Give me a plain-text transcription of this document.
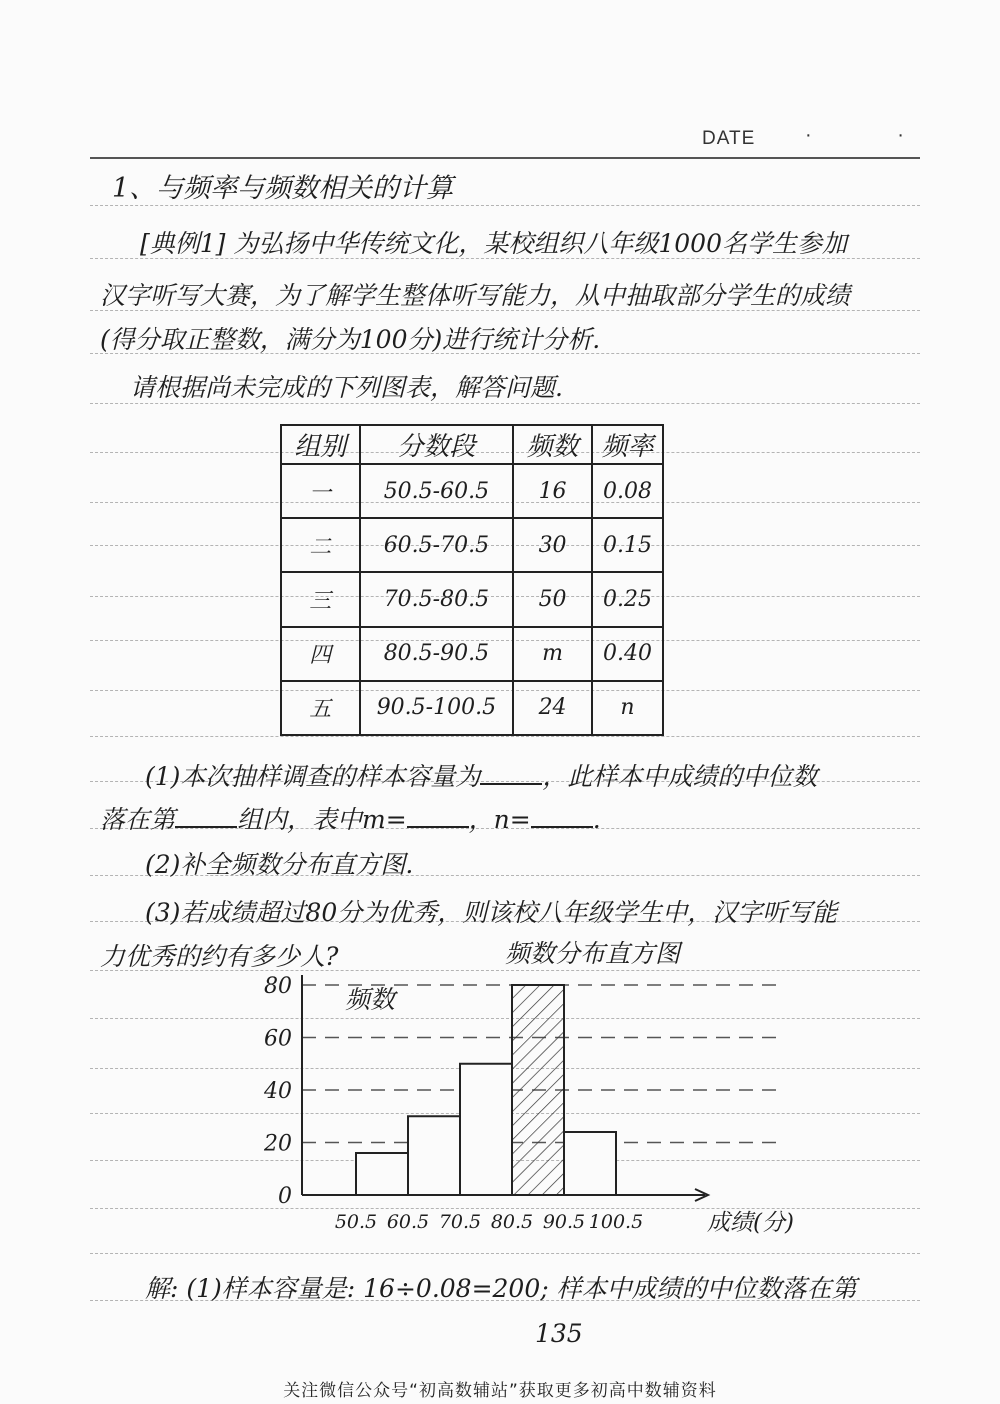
DATE · ·
1、与频率与频数相关的计算
[典例1] 为弘扬中华传统文化，某校组织八年级1000名学生参加
汉字听写大赛，为了解学生整体听写能力，从中抽取部分学生的成绩
(得分取正整数，满分为100分)进行统计分析.
请根据尚未完成的下列图表，解答问题.
组别	分数段	频数	频率
一	50.5-60.5	16	0.08
二	60.5-70.5	30	0.15
三	70.5-80.5	50	0.25
四	80.5-90.5	m	0.40
五	90.5-100.5	24	n
(1)本次抽样调查的样本容量为 ，此样本中成绩的中位数
落在第 组内，表中m= ，n= .
(2)补全频数分布直方图.
(3)若成绩超过80分为优秀，则该校八年级学生中，汉字听写能
力优秀的约有多少人?
0
20
40
60
80
50.5 60.5 70.5 80.5 90.5 100.5
频数分布直方图
频数
成绩(分)
解: (1)样本容量是: 16÷0.08=200; 样本中成绩的中位数落在第
135
关注微信公众号“初高数辅站”获取更多初高中数辅资料
